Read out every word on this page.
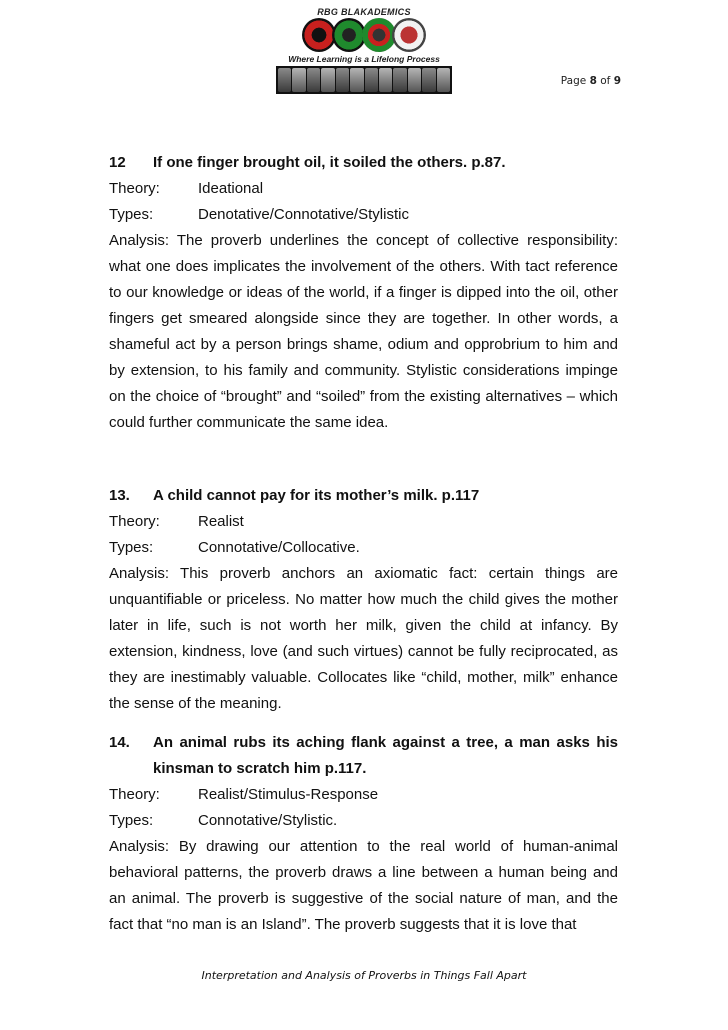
RBG BLAKADEMICS
Where Learning is a Lifelong Process
Page 8 of 9
12	If one finger brought oil, it soiled the others. p.87.
Theory:	Ideational
Types:	Denotative/Connotative/Stylistic

Analysis: The proverb underlines the concept of collective responsibility: what one does implicates the involvement of the others. With tact reference to our knowledge or ideas of the world, if a finger is dipped into the oil, other fingers get smeared alongside since they are together. In other words, a shameful act by a person brings shame, odium and opprobrium to him and by extension, to his family and community. Stylistic considerations impinge on the choice of “brought” and “soiled” from the existing alternatives – which could further communicate the same idea.

13.	A child cannot pay for its mother’s milk. p.117
Theory:	Realist
Types:	Connotative/Collocative.

Analysis: This proverb anchors an axiomatic fact: certain things are unquantifiable or priceless. No matter how much the child gives the mother later in life, such is not worth her milk, given the child at infancy. By extension, kindness, love (and such virtues) cannot be fully reciprocated, as they are inestimably valuable. Collocates like “child, mother, milk” enhance the sense of the meaning.

14.	An animal rubs its aching flank against a tree, a man asks his kinsman to scratch him p.117.
Theory:	Realist/Stimulus-Response
Types:	Connotative/Stylistic.

Analysis: By drawing our attention to the real world of human-animal behavioral patterns, the proverb draws a line between a human being and an animal. The proverb is suggestive of the social nature of man, and the fact that “no man is an Island”. The proverb suggests that it is love that

Interpretation and Analysis of Proverbs in Things Fall Apart
